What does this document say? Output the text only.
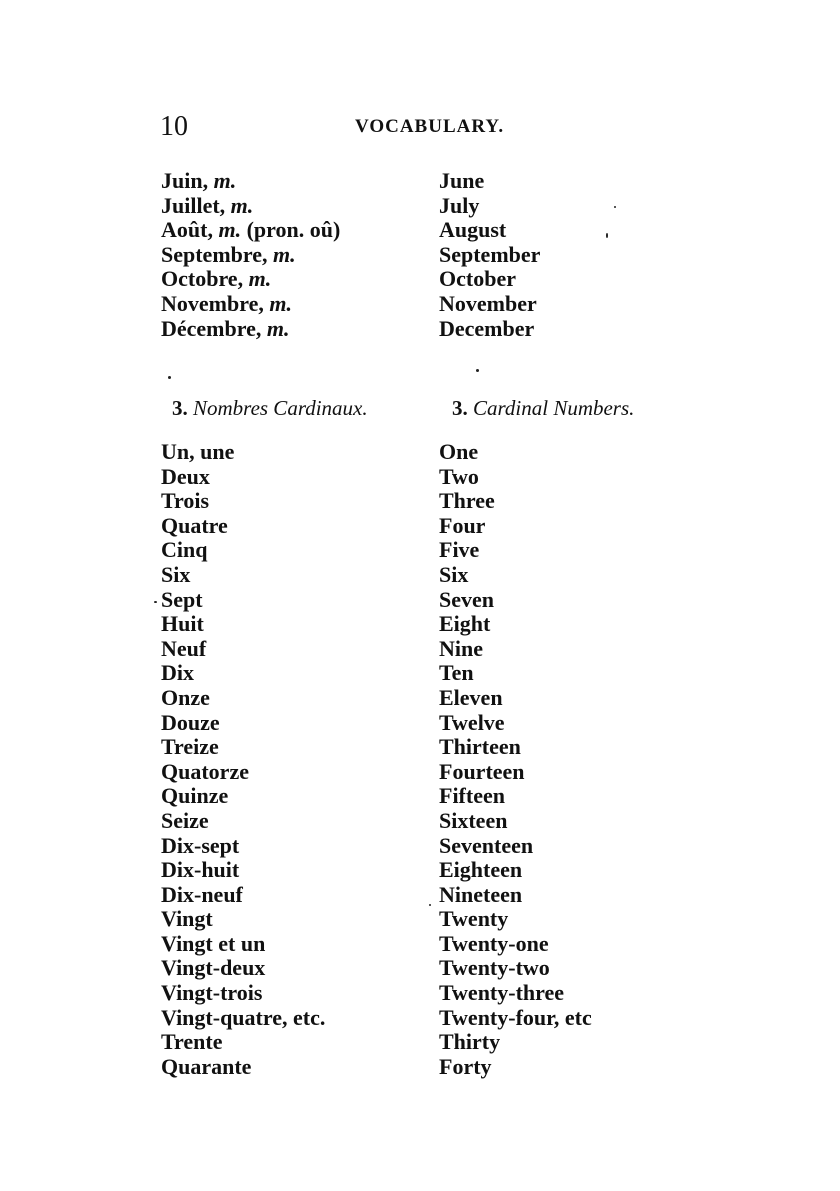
10	VOCABULARY.
Juin, m.
Juillet, m.
Août, m. (pron. oû)
Septembre, m.
Octobre, m.
Novembre, m.
Décembre, m.
June
July
August
September
October
November
December
3. Nombres Cardinaux.	3. Cardinal Numbers.
Un, une
Deux
Trois
Quatre
Cinq
Six
Sept
Huit
Neuf
Dix
Onze
Douze
Treize
Quatorze
Quinze
Seize
Dix-sept
Dix-huit
Dix-neuf
Vingt
Vingt et un
Vingt-deux
Vingt-trois
Vingt-quatre, etc.
Trente
Quarante
One
Two
Three
Four
Five
Six
Seven
Eight
Nine
Ten
Eleven
Twelve
Thirteen
Fourteen
Fifteen
Sixteen
Seventeen
Eighteen
Nineteen
Twenty
Twenty-one
Twenty-two
Twenty-three
Twenty-four, etc
Thirty
Forty
